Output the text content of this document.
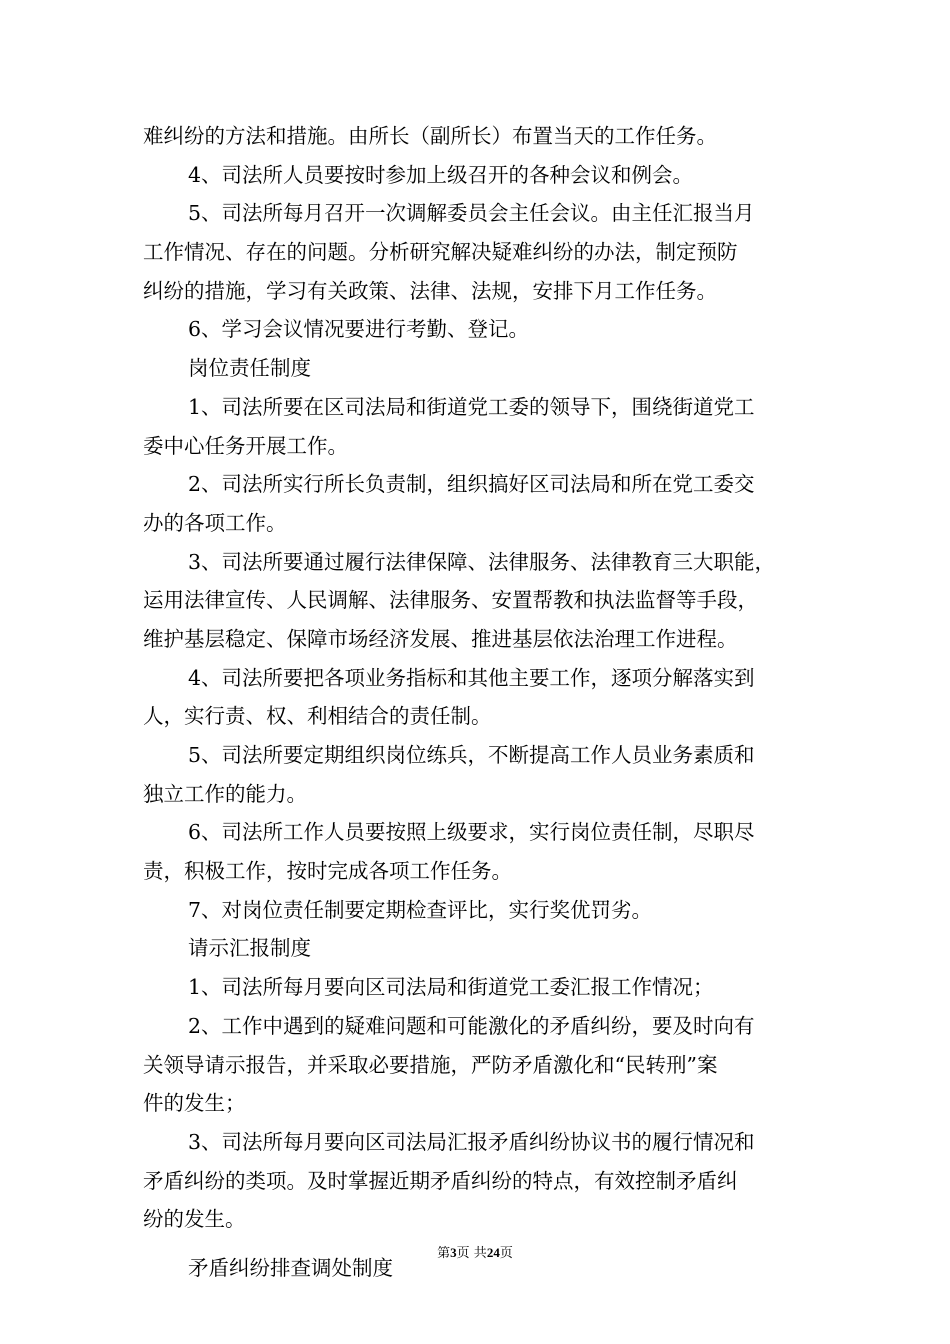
难纠纷的方法和措施。由所长（副所长）布置当天的工作任务。
4、司法所人员要按时参加上级召开的各种会议和例会。
5、司法所每月召开一次调解委员会主任会议。由主任汇报当月
工作情况、存在的问题。分析研究解决疑难纠纷的办法，制定预防
纠纷的措施，学习有关政策、法律、法规，安排下月工作任务。
6、学习会议情况要进行考勤、登记。
岗位责任制度
1、司法所要在区司法局和街道党工委的领导下，围绕街道党工
委中心任务开展工作。
2、司法所实行所长负责制，组织搞好区司法局和所在党工委交
办的各项工作。
3、司法所要通过履行法律保障、法律服务、法律教育三大职能，
运用法律宣传、人民调解、法律服务、安置帮教和执法监督等手段，
维护基层稳定、保障市场经济发展、推进基层依法治理工作进程。
4、司法所要把各项业务指标和其他主要工作，逐项分解落实到
人，实行责、权、利相结合的责任制。
5、司法所要定期组织岗位练兵，不断提高工作人员业务素质和
独立工作的能力。
6、司法所工作人员要按照上级要求，实行岗位责任制，尽职尽
责，积极工作，按时完成各项工作任务。
7、对岗位责任制要定期检查评比，实行奖优罚劣。
请示汇报制度
1、司法所每月要向区司法局和街道党工委汇报工作情况；
2、工作中遇到的疑难问题和可能激化的矛盾纠纷，要及时向有
关领导请示报告，并采取必要措施，严防矛盾激化和“民转刑”案
件的发生；
3、司法所每月要向区司法局汇报矛盾纠纷协议书的履行情况和
矛盾纠纷的类项。及时掌握近期矛盾纠纷的特点，有效控制矛盾纠
纷的发生。
矛盾纠纷排查调处制度
第3页 共24页
